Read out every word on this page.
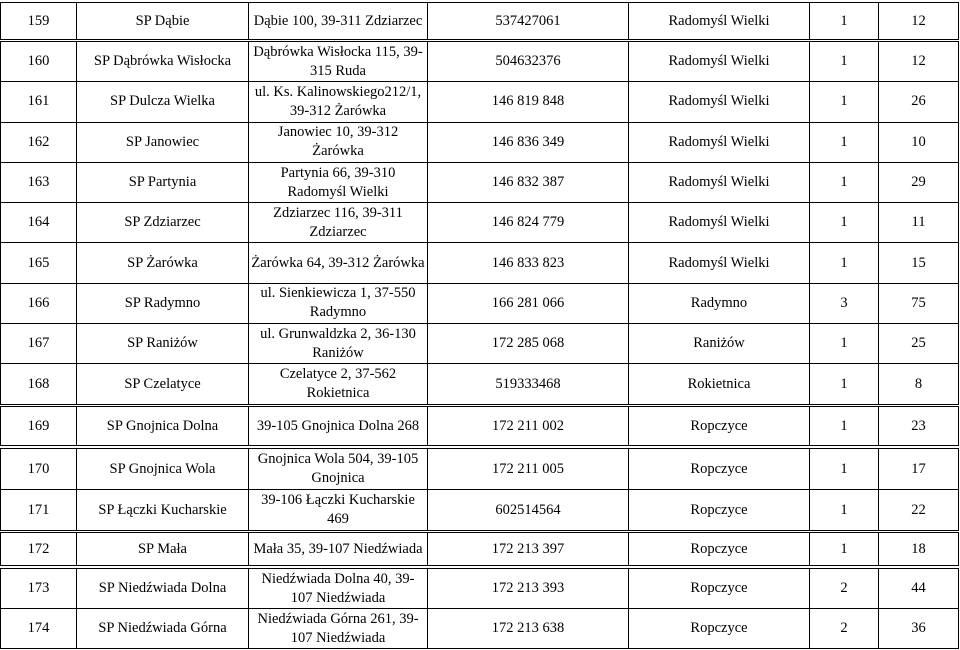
159	SP Dąbie	Dąbie 100, 39-311 Zdziarzec	537427061	Radomyśl Wielki	1	12
160	SP Dąbrówka Wisłocka	Dąbrówka Wisłocka 115, 39-315 Ruda	504632376	Radomyśl Wielki	1	12
161	SP Dulcza Wielka	ul. Ks. Kalinowskiego212/1, 39-312 Żarówka	146 819 848	Radomyśl Wielki	1	26
162	SP Janowiec	Janowiec 10, 39-312 Żarówka	146 836 349	Radomyśl Wielki	1	10
163	SP Partynia	Partynia 66, 39-310 Radomyśl Wielki	146 832 387	Radomyśl Wielki	1	29
164	SP Zdziarzec	Zdziarzec 116, 39-311 Zdziarzec	146 824 779	Radomyśl Wielki	1	11
165	SP Żarówka	Żarówka 64, 39-312 Żarówka	146 833 823	Radomyśl Wielki	1	15
166	SP Radymno	ul. Sienkiewicza 1, 37-550 Radymno	166 281 066	Radymno	3	75
167	SP Raniżów	ul. Grunwaldzka 2, 36-130 Raniżów	172 285 068	Raniżów	1	25
168	SP Czelatyce	Czelatyce 2, 37-562 Rokietnica	519333468	Rokietnica	1	8
169	SP Gnojnica Dolna	39-105 Gnojnica Dolna 268	172 211 002	Ropczyce	1	23
170	SP Gnojnica Wola	Gnojnica Wola 504, 39-105 Gnojnica	172 211 005	Ropczyce	1	17
171	SP Łączki Kucharskie	39-106 Łączki Kucharskie 469	602514564	Ropczyce	1	22
172	SP Mała	Mała 35, 39-107 Niedźwiada	172 213 397	Ropczyce	1	18
173	SP Niedźwiada Dolna	Niedźwiada Dolna 40, 39-107 Niedźwiada	172 213 393	Ropczyce	2	44
174	SP Niedźwiada Górna	Niedźwiada Górna 261, 39-107 Niedźwiada	172 213 638	Ropczyce	2	36
